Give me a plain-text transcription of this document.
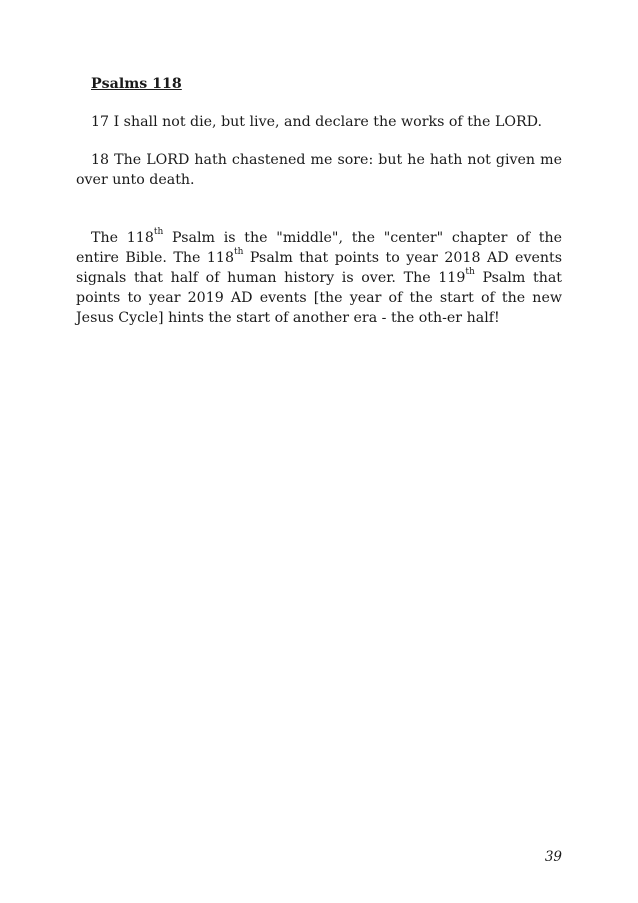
Psalms 118

17 I shall not die, but live, and declare the works of the LORD.

18 The LORD hath chastened me sore: but he hath not given me over unto death.

The 118th Psalm is the "middle", the "center" chapter of the entire Bible. The 118th Psalm that points to year 2018 AD events signals that half of human history is over. The 119th Psalm that points to year 2019 AD events [the year of the start of the new Jesus Cycle] hints the start of another era - the oth-er half!

39
